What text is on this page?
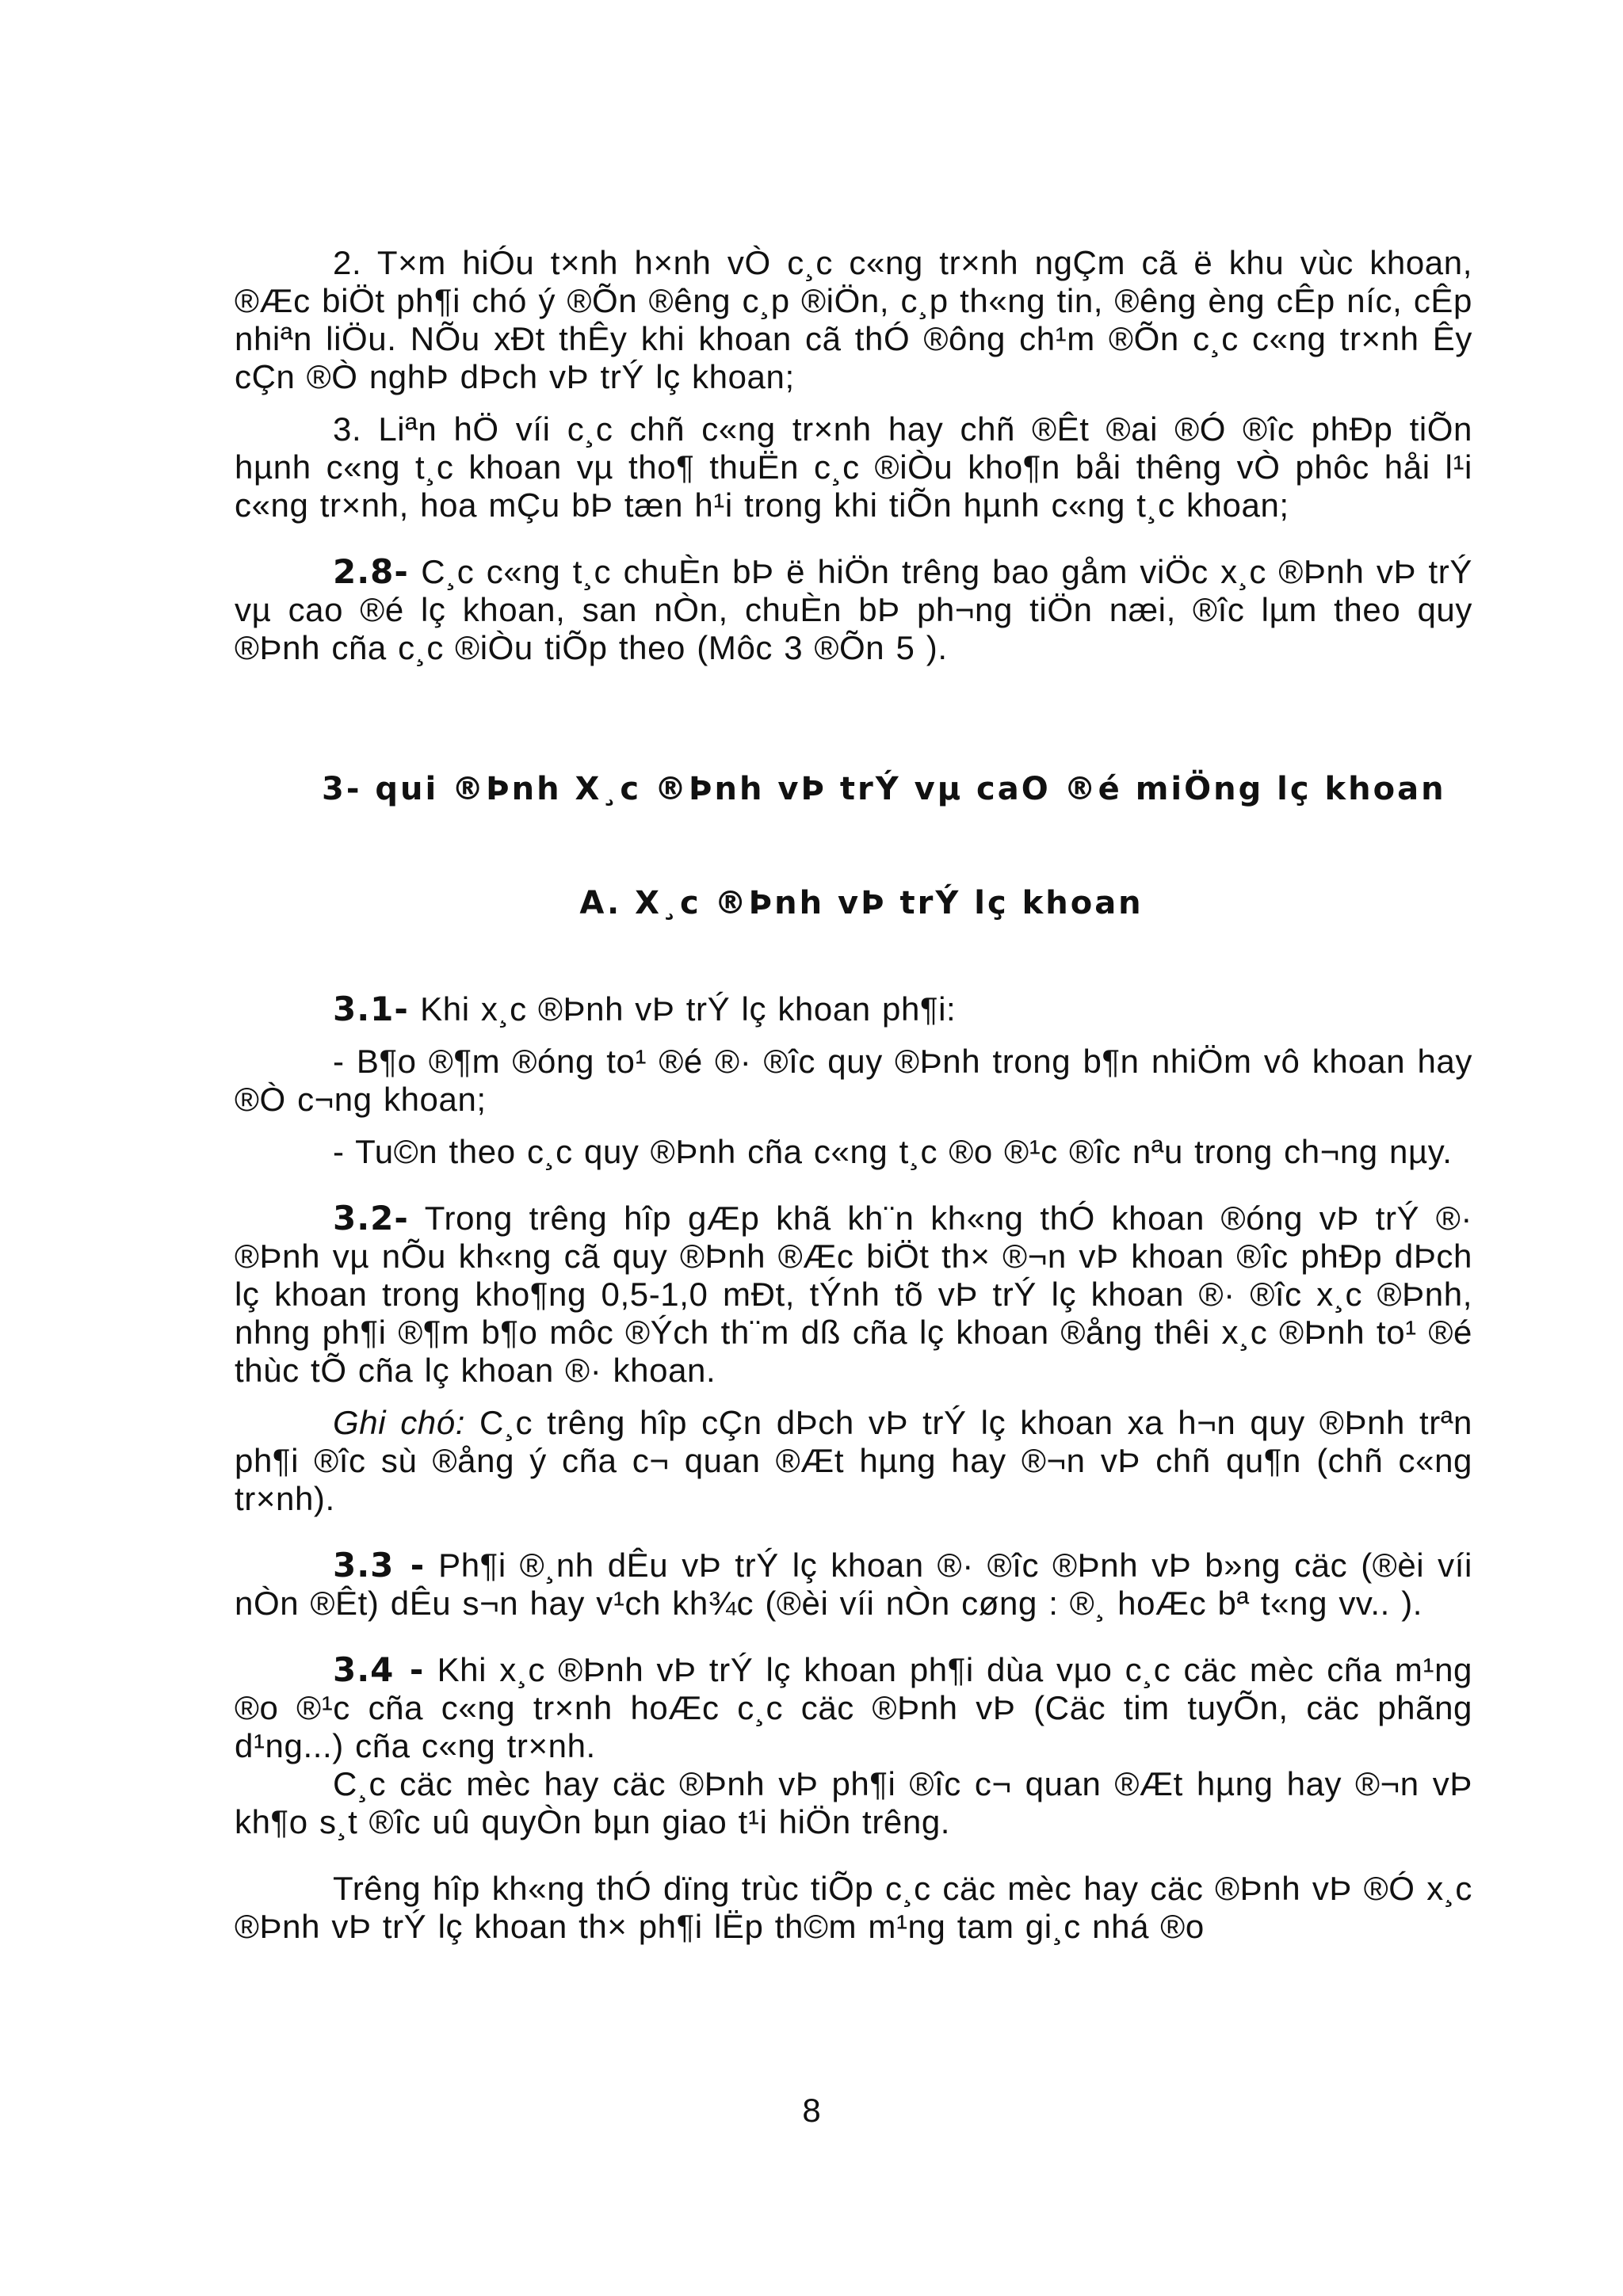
2. T×m hiÓu t×nh h×nh vÒ c¸c c«ng tr×nh ngÇm cã ë khu vùc khoan, ®Æc biÖt ph¶i chó ý ®Õn ®êng c¸p ®iÖn, c¸p th«ng tin, ®êng èng cÊp níc, cÊp nhiªn liÖu. NÕu xÐt thÊy khi khoan cã thÓ ®ông ch¹m ®Õn c¸c c«ng tr×nh Êy cÇn ®Ò nghÞ dÞch vÞ trÝ lç khoan;

3. Liªn hÖ víi c¸c chñ c«ng tr×nh hay chñ ®Êt ®ai ®Ó ®îc phÐp tiÕn hµnh c«ng t¸c khoan vµ tho¶ thuËn c¸c ®iÒu kho¶n båi thêng vÒ phôc håi l¹i c«ng tr×nh, hoa mÇu bÞ tæn h¹i trong khi tiÕn hµnh c«ng t¸c khoan;

2.8- C¸c c«ng t¸c chuÈn bÞ ë hiÖn trêng bao gåm viÖc x¸c ®Þnh vÞ trÝ vµ cao ®é lç khoan, san nÒn, chuÈn bÞ ph¬ng tiÖn næi, ®îc lµm theo quy ®Þnh cña c¸c ®iÒu tiÕp theo (Môc 3 ®Õn 5 ).

3- qui ®Þnh X¸c ®Þnh vÞ trÝ vµ caO ®é miÖng lç khoan

A. X¸c ®Þnh vÞ trÝ lç khoan

3.1- Khi x¸c ®Þnh vÞ trÝ lç khoan ph¶i:

- B¶o ®¶m ®óng to¹ ®é ®· ®îc quy ®Þnh trong b¶n nhiÖm vô khoan hay ®Ò c¬ng khoan;

- Tu©n theo c¸c quy ®Þnh cña c«ng t¸c ®o ®¹c ®îc nªu trong ch¬ng nµy.

3.2- Trong trêng hîp gÆp khã kh¨n kh«ng thÓ khoan ®óng vÞ trÝ ®· ®Þnh vµ nÕu kh«ng cã quy ®Þnh ®Æc biÖt th× ®¬n vÞ khoan ®îc phÐp dÞch lç khoan trong kho¶ng 0,5-1,0 mÐt, tÝnh tõ vÞ trÝ lç khoan ®· ®îc x¸c ®Þnh, nhng ph¶i ®¶m b¶o môc ®Ých th¨m dß cña lç khoan ®ång thêi x¸c ®Þnh to¹ ®é thùc tÕ cña lç khoan ®· khoan.

Ghi chó: C¸c trêng hîp cÇn dÞch vÞ trÝ lç khoan xa h¬n quy ®Þnh trªn ph¶i ®îc sù ®ång ý cña c¬ quan ®Æt hµng hay ®¬n vÞ chñ qu¶n (chñ c«ng tr×nh).

3.3 - Ph¶i ®¸nh dÊu vÞ trÝ lç khoan ®· ®îc ®Þnh vÞ b»ng cäc (®èi víi nÒn ®Êt) dÊu s¬n hay v¹ch kh¾c (®èi víi nÒn cøng : ®¸ hoÆc bª t«ng vv.. ).

3.4 - Khi x¸c ®Þnh vÞ trÝ lç khoan ph¶i dùa vµo c¸c cäc mèc cña m¹ng ®o ®¹c cña c«ng tr×nh hoÆc c¸c cäc ®Þnh vÞ (Cäc tim tuyÕn, cäc phãng d¹ng...) cña c«ng tr×nh.

C¸c cäc mèc hay cäc ®Þnh vÞ ph¶i ®îc c¬ quan ®Æt hµng hay ®¬n vÞ kh¶o s¸t ®îc uû quyÒn bµn giao t¹i hiÖn trêng.

Trêng hîp kh«ng thÓ dïng trùc tiÕp c¸c cäc mèc hay cäc ®Þnh vÞ ®Ó x¸c ®Þnh vÞ trÝ lç khoan th× ph¶i lËp th©m m¹ng tam gi¸c nhá ®o

8
